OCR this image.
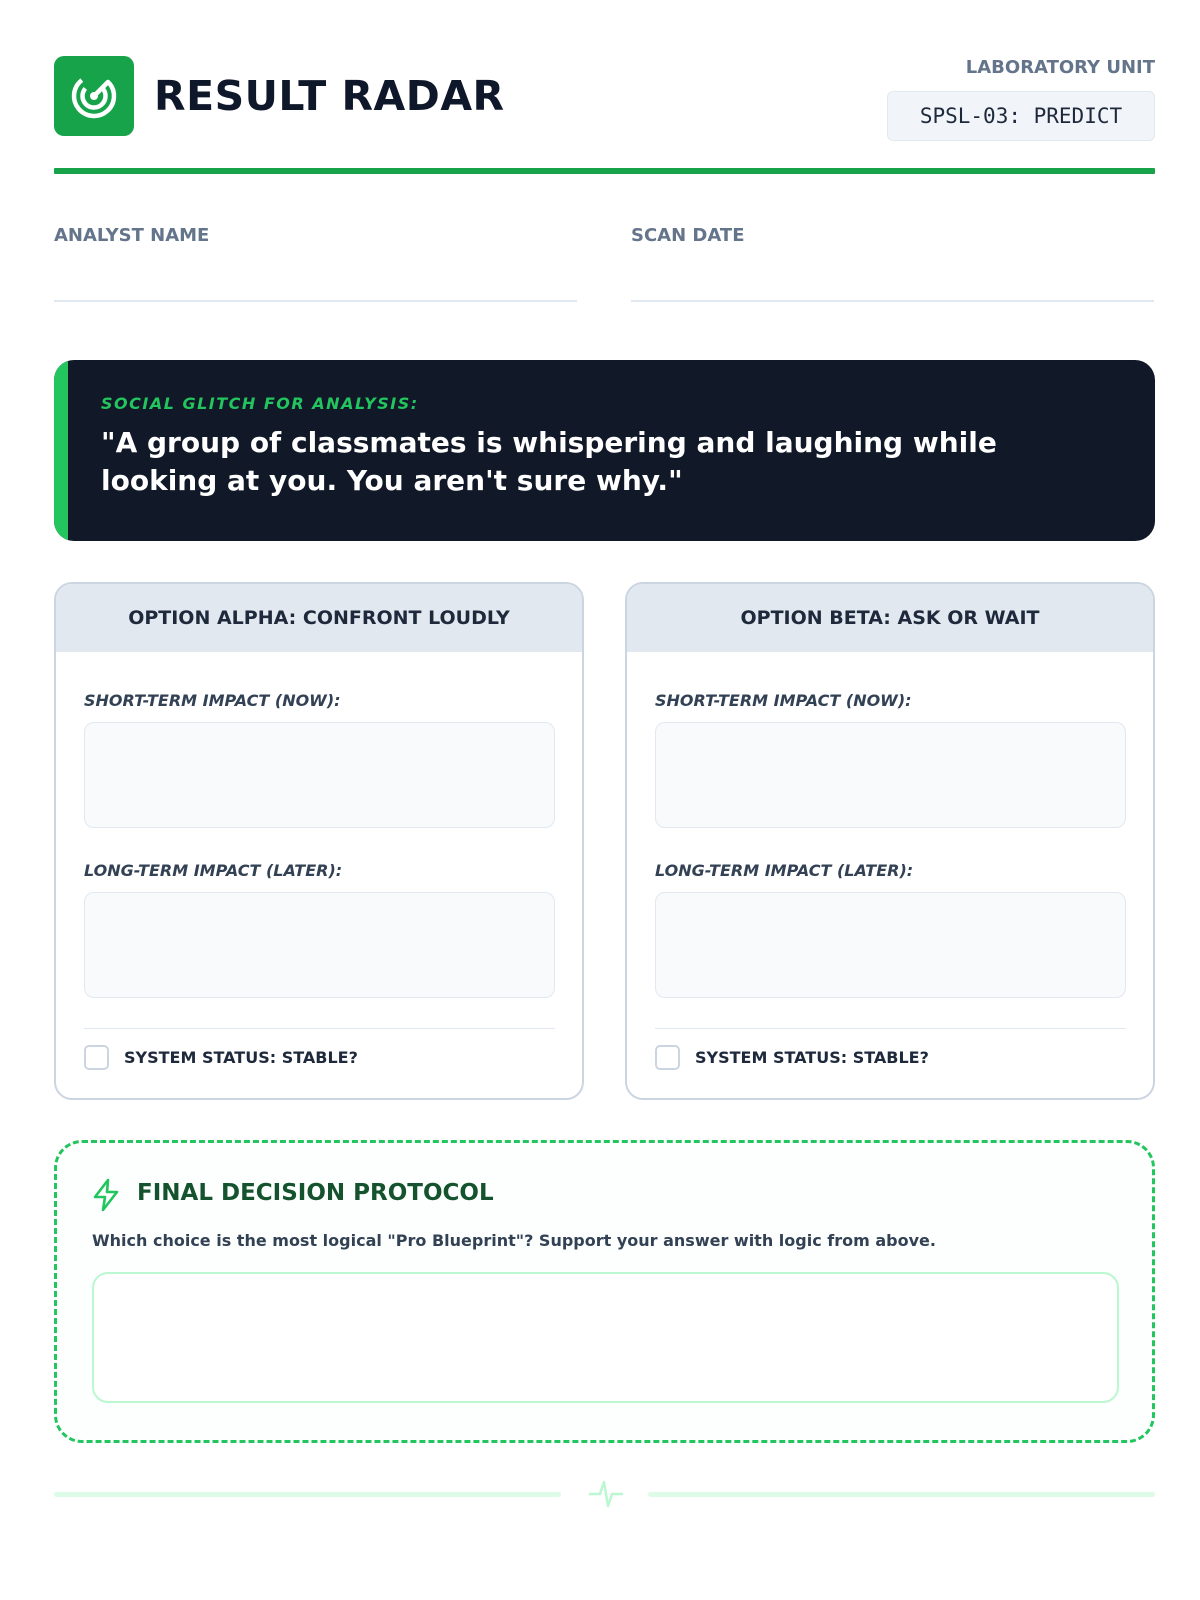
RESULT RADAR
LABORATORY UNIT
SPSL-03: PREDICT
ANALYST NAME	SCAN DATE
SOCIAL GLITCH FOR ANALYSIS:
"A group of classmates is whispering and laughing while looking at you. You aren't sure why."
OPTION ALPHA: CONFRONT LOUDLY
SHORT-TERM IMPACT (NOW):
LONG-TERM IMPACT (LATER):
SYSTEM STATUS: STABLE?
OPTION BETA: ASK OR WAIT
SHORT-TERM IMPACT (NOW):
LONG-TERM IMPACT (LATER):
SYSTEM STATUS: STABLE?
FINAL DECISION PROTOCOL
Which choice is the most logical "Pro Blueprint"? Support your answer with logic from above.
